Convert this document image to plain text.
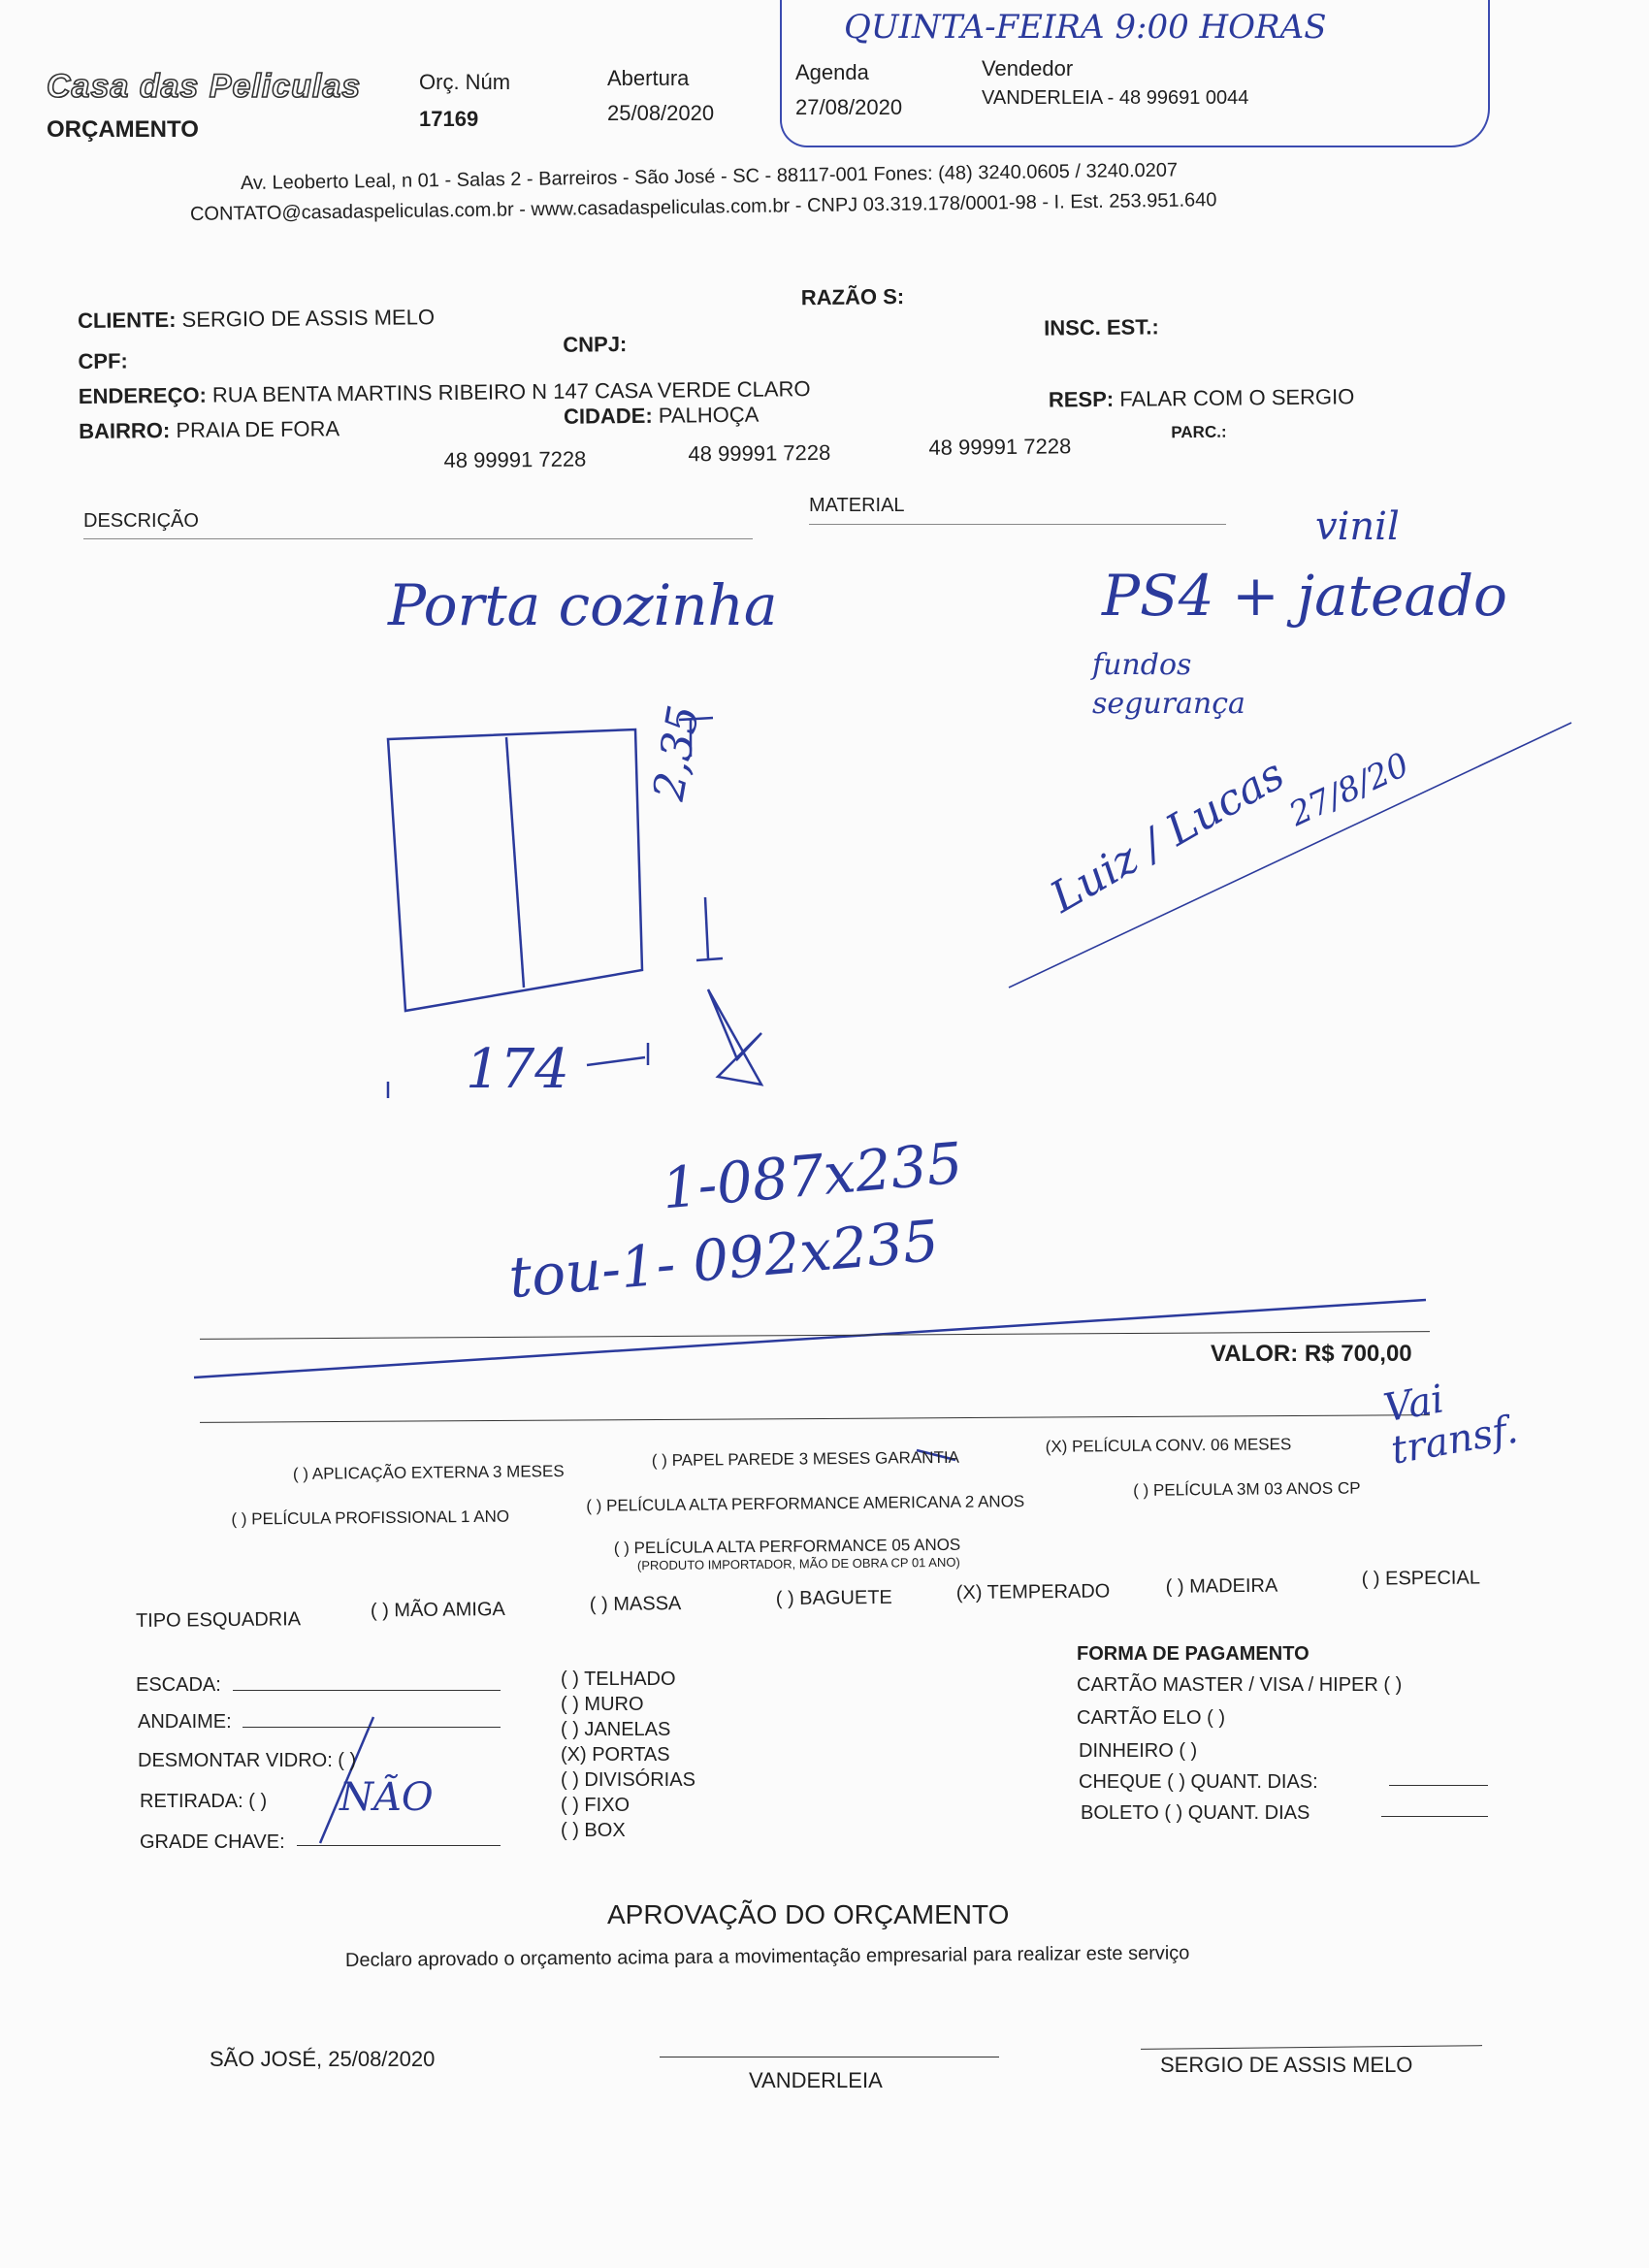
Casa das Peliculas
ORÇAMENTO
Orç. Núm
17169
Abertura
25/08/2020
QUINTA-FEIRA 9:00 HORAS
Agenda
27/08/2020
Vendedor
VANDERLEIA - 48 99691 0044
Av. Leoberto Leal, n 01 - Salas 2 - Barreiros - São José - SC - 88117-001 Fones: (48) 3240.0605 / 3240.0207
CONTATO@casadaspeliculas.com.br - www.casadaspeliculas.com.br - CNPJ 03.319.178/0001-98 - I. Est. 253.951.640
CLIENTE: SERGIO DE ASSIS MELO
RAZÃO S:
CPF:
CNPJ:
INSC. EST.:
ENDEREÇO: RUA BENTA MARTINS RIBEIRO N 147 CASA VERDE CLARO
BAIRRO: PRAIA DE FORA
CIDADE: PALHOÇA
RESP: FALAR COM O SERGIO
PARC.:
48 99991 7228	48 99991 7228	48 99991 7228
DESCRIÇÃO
MATERIAL
Porta cozinha	PS4 + jateado
vinil
fundos segurança
2,35
174
Luiz / Lucas
27/8/20
1-087x235
tou-1- 092x235
VALOR: R$ 700,00
( ) APLICAÇÃO EXTERNA 3 MESES
( ) PAPEL PAREDE 3 MESES GARANTIA
(X) PELÍCULA CONV. 06 MESES
( ) PELÍCULA PROFISSIONAL 1 ANO
( ) PELÍCULA ALTA PERFORMANCE AMERICANA 2 ANOS
( ) PELÍCULA 3M 03 ANOS CP
( ) PELÍCULA ALTA PERFORMANCE 05 ANOS
(PRODUTO IMPORTADOR, MÃO DE OBRA CP 01 ANO)
Vai transf.
TIPO ESQUADRIA	( ) MÃO AMIGA	( ) MASSA	( ) BAGUETE	(X) TEMPERADO	( ) MADEIRA	( ) ESPECIAL
ESCADA:
ANDAIME:
DESMONTAR VIDRO: ( )
RETIRADA: ( ) NÃO
GRADE CHAVE:
( ) TELHADO
( ) MURO
( ) JANELAS
(X) PORTAS
( ) DIVISÓRIAS
( ) FIXO
( ) BOX
FORMA DE PAGAMENTO
CARTÃO MASTER / VISA / HIPER ( )
CARTÃO ELO ( )
DINHEIRO ( )
CHEQUE ( ) QUANT. DIAS:
BOLETO ( ) QUANT. DIAS
APROVAÇÃO DO ORÇAMENTO
Declaro aprovado o orçamento acima para a movimentação empresarial para realizar este serviço
SÃO JOSÉ, 25/08/2020
VANDERLEIA
SERGIO DE ASSIS MELO
